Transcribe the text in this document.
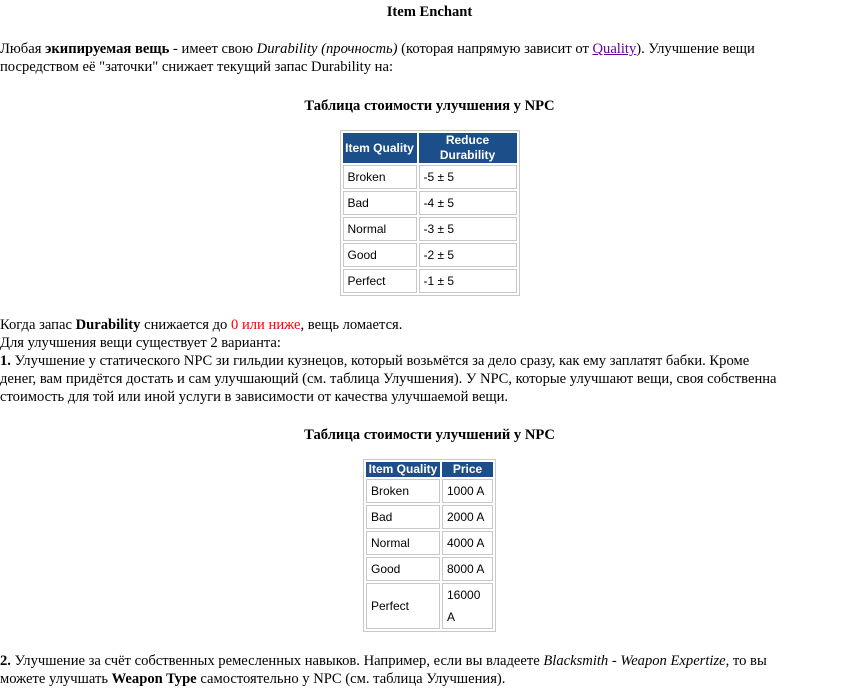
Item Enchant

Любая экипируемая вещь - имеет свою Durability (прочность) (которая напрямую зависит от Quality). Улучшение вещи

посредством её "заточки" снижает текущий запас Durability на:

Таблица стоимости улучшения у NPC
Item Quality	Reduce Durability
Broken	-5 ± 5
Bad	-4 ± 5
Normal	-3 ± 5
Good	-2 ± 5
Perfect	-1 ± 5

Когда запас Durability снижается до 0 или ниже, вещь ломается.

Для улучшения вещи существует 2 варианта:

1. Улучшение у статического NPC зи гильдии кузнецов, который возьмётся за дело сразу, как ему заплатят бабки. Кроме

денег, вам придётся достать и сам улучшающий (см. таблица Улучшения). У NPC, которые улучшают вещи, своя собственна

стоимость для той или иной услуги в зависимости от качества улучшаемой вещи.

Таблица стоимости улучшений у NPC
Item Quality	Price
Broken	1000 A
Bad	2000 A
Normal	4000 A
Good	8000 A
Perfect	16000 A

2. Улучшение за счёт собственных ремесленных навыков. Например, если вы владеете Blacksmith - Weapon Expertize, то вы

можете улучшать Weapon Type самостоятельно у NPC (см. таблица Улучшения).
